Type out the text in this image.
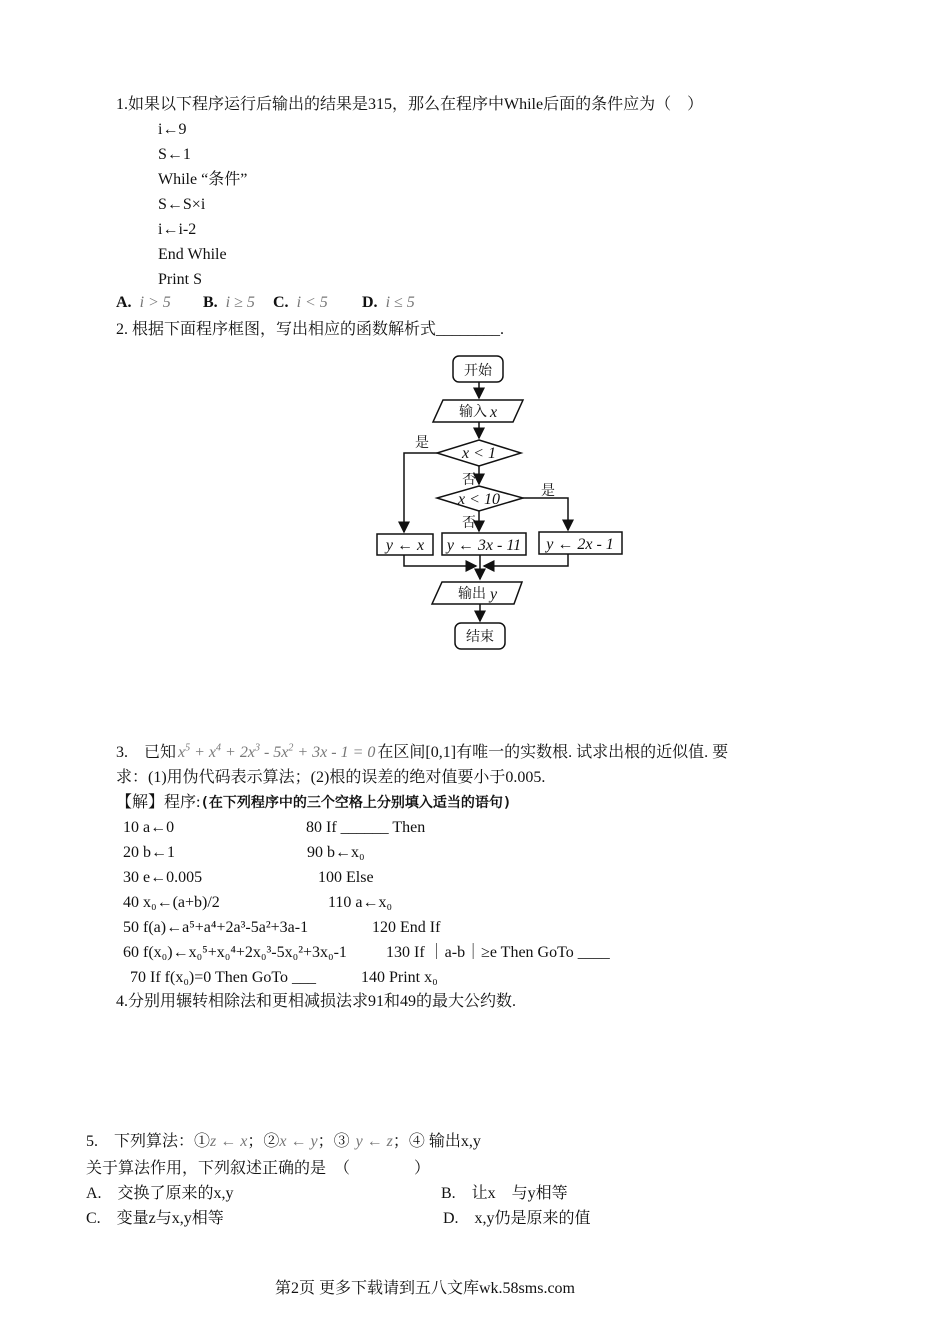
1.如果以下程序运行后输出的结果是315，那么在程序中While后面的条件应为（　）
i←9
S←1
While “条件”
S←S×i
i←i-2
End While
Print S
A. i > 5 B. i ≥ 5 C. i < 5 D. i ≤ 5
2. 根据下面程序框图，写出相应的函数解析式________.
开始
输入 x
x < 1
x < 10
是
否
是
否
y ← x y ← 3x - 11 y ← 2x - 1
输出 y
结束
3.　已知 $x^5 + x^4 + 2x^3 - 5x^2 + 3x - 1 = 0$ 在区间[0,1]有唯一的实数根. 试求出根的近似值. 要
求：(1)用伪代码表示算法；(2)根的误差的绝对值要小于0.005.
【解】程序:(在下列程序中的三个空格上分别填入适当的语句)
10 a←0
20 b←1
30 e←0.005
40 x₀←(a+b)/2
50 f(a)←a⁵+a⁴+2a³-5a²+3a-1
60 f(x₀)←x₀⁵+x₀⁴+2x₀³-5x₀²+3x₀-1
70 If f(x₀)=0 Then GoTo ___
80 If ______ Then
90 b←x₀
100 Else
110 a←x₀
120 End If
130 If ｜a-b｜≥e Then GoTo ____
140 Print x₀
4.分别用辗转相除法和更相减损法求91和49的最大公约数.
5.　下列算法：①z ← x；②x ← y；③ y ← z；④ 输出x,y
关于算法作用，下列叙述正确的是　（　　　　）
A.　交换了原来的x,y	B.　让x　与y相等
C.　变量z与x,y相等	D.　x,y仍是原来的值
第2页 更多下载请到五八文库wk.58sms.com
